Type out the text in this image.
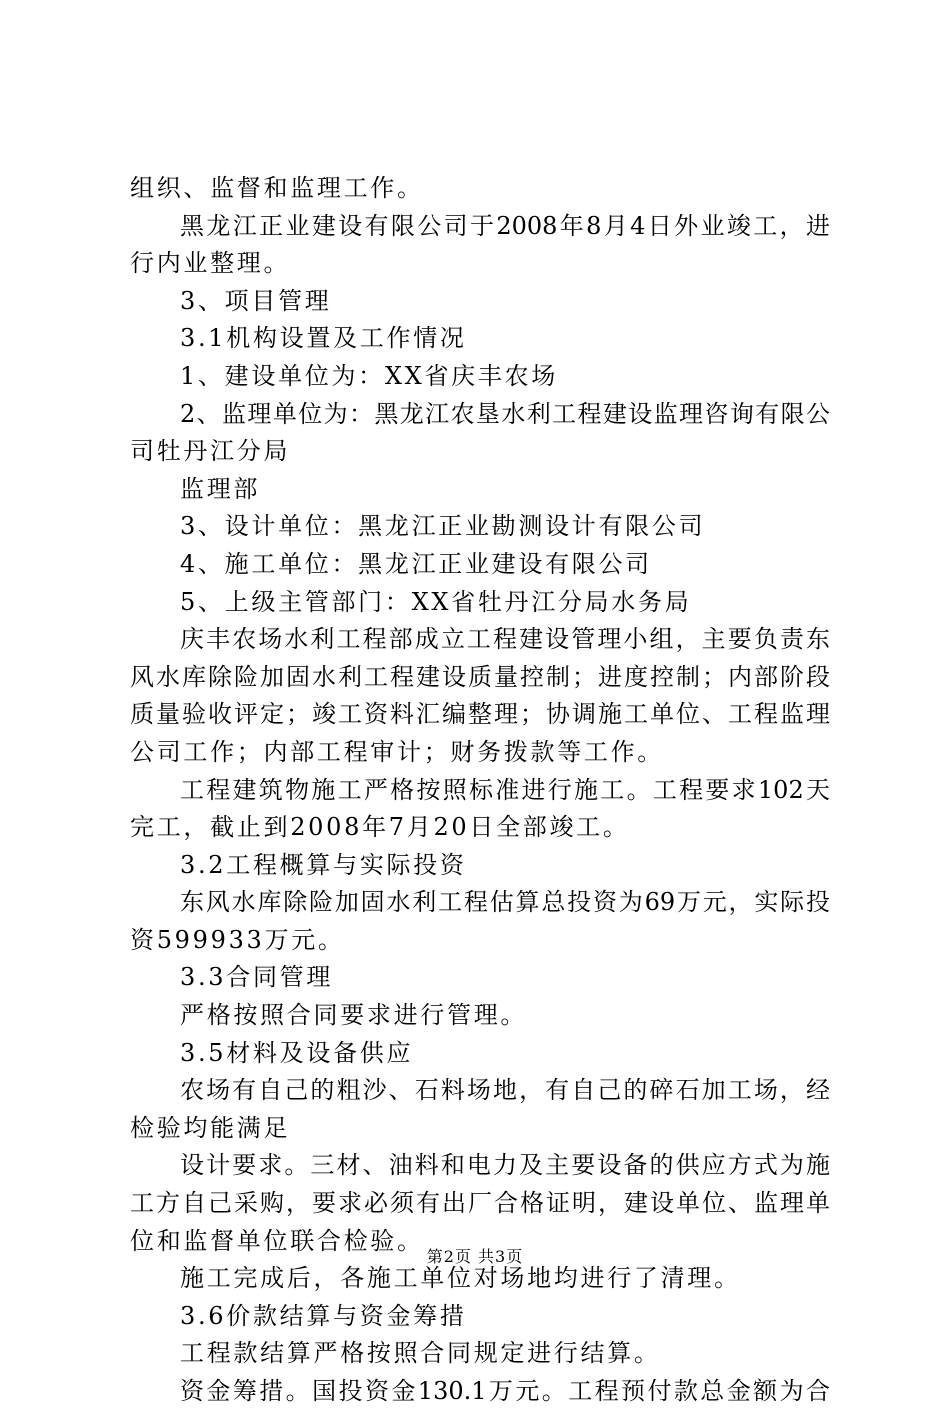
组织、监督和监理工作。
黑龙江正业建设有限公司于2008年8月4日外业竣工，进
行内业整理。
3、项目管理
3.1机构设置及工作情况
1、建设单位为：XX省庆丰农场
2、监理单位为：黑龙江农垦水利工程建设监理咨询有限公
司牡丹江分局
监理部
3、设计单位：黑龙江正业勘测设计有限公司
4、施工单位：黑龙江正业建设有限公司
5、上级主管部门：XX省牡丹江分局水务局
庆丰农场水利工程部成立工程建设管理小组，主要负责东
风水库除险加固水利工程建设质量控制；进度控制；内部阶段
质量验收评定；竣工资料汇编整理；协调施工单位、工程监理
公司工作；内部工程审计；财务拨款等工作。
工程建筑物施工严格按照标准进行施工。工程要求102天
完工，截止到2008年7月20日全部竣工。
3.2工程概算与实际投资
东风水库除险加固水利工程估算总投资为69万元，实际投
资599933万元。
3.3合同管理
严格按照合同要求进行管理。
3.5材料及设备供应
农场有自己的粗沙、石料场地，有自己的碎石加工场，经
检验均能满足
设计要求。三材、油料和电力及主要设备的供应方式为施
工方自己采购，要求必须有出厂合格证明，建设单位、监理单
位和监督单位联合检验。
施工完成后，各施工单位对场地均进行了清理。
3.6价款结算与资金筹措
工程款结算严格按照合同规定进行结算。
资金筹措。国投资金130.1万元。工程预付款总金额为合
第2页 共3页
